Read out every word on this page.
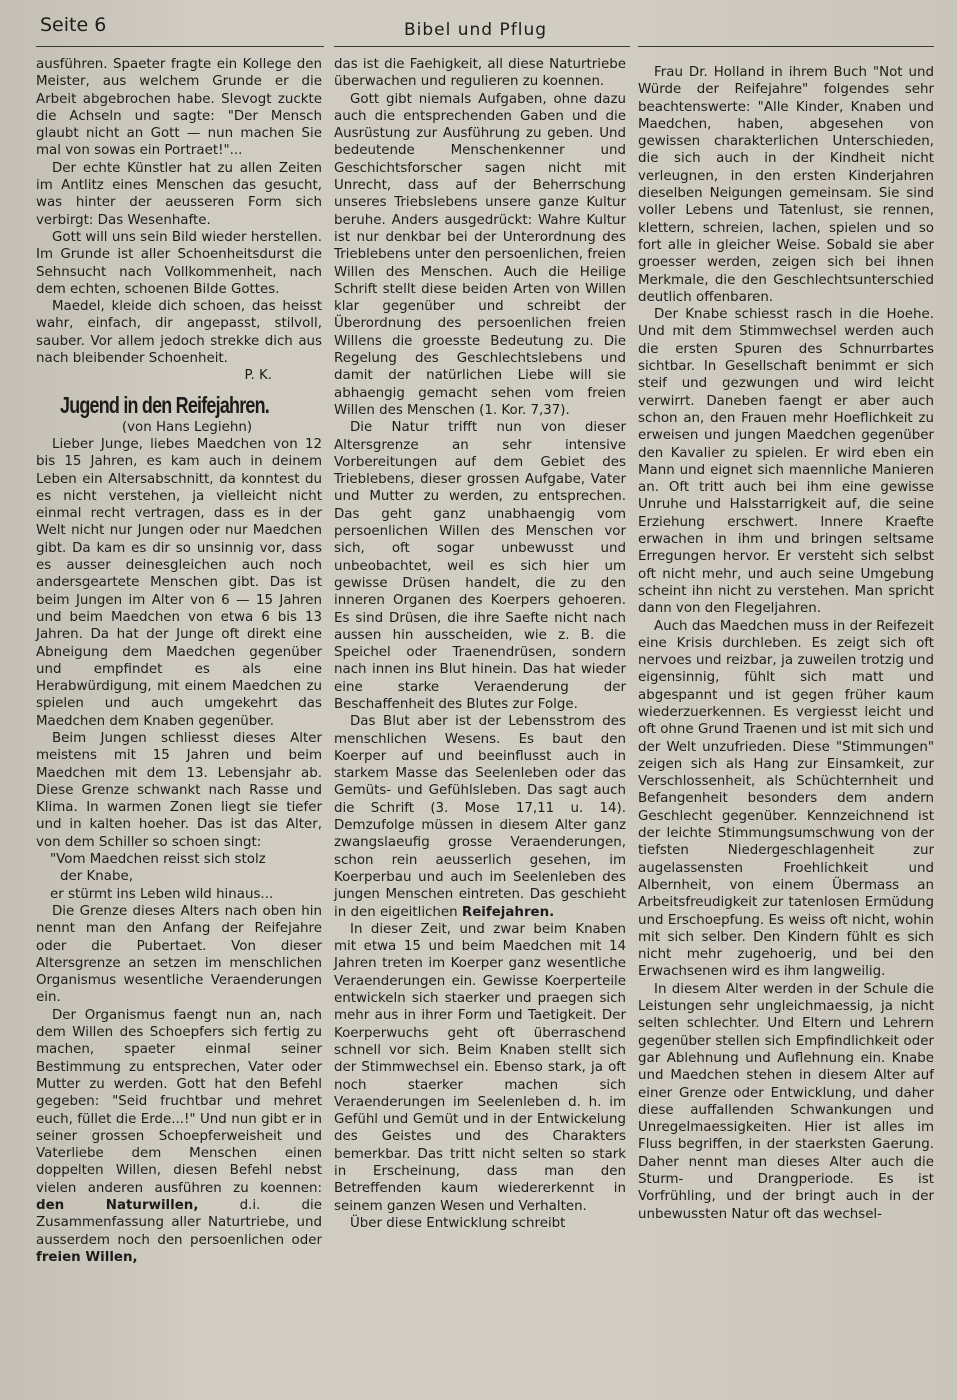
Seite 6	Bibel und Pflug

ausführen. Spaeter fragte ein Kollege den Meister, aus welchem Grunde er die Arbeit abgebrochen habe. Slevogt zuckte die Achseln und sagte: "Der Mensch glaubt nicht an Gott — nun machen Sie mal von sowas ein Portraet!"...

Der echte Künstler hat zu allen Zeiten im Antlitz eines Menschen das gesucht, was hinter der aeusseren Form sich verbirgt: Das Wesenhafte.

Gott will uns sein Bild wieder herstellen. Im Grunde ist aller Schoenheitsdurst die Sehnsucht nach Vollkommenheit, nach dem echten, schoenen Bilde Gottes.

Maedel, kleide dich schoen, das heisst wahr, einfach, dir angepasst, stilvoll, sauber. Vor allem jedoch strekke dich aus nach bleibender Schoenheit.

P. K.

Jugend in den Reifejahren.

(von Hans Legiehn)

Lieber Junge, liebes Maedchen von 12 bis 15 Jahren, es kam auch in deinem Leben ein Altersabschnitt, da konntest du es nicht verstehen, ja vielleicht nicht einmal recht vertragen, dass es in der Welt nicht nur Jungen oder nur Maedchen gibt. Da kam es dir so unsinnig vor, dass es ausser deinesgleichen auch noch andersgeartete Menschen gibt. Das ist beim Jungen im Alter von 6 — 15 Jahren und beim Maedchen von etwa 6 bis 13 Jahren. Da hat der Junge oft direkt eine Abneigung dem Maedchen gegenüber und empfindet es als eine Herabwürdigung, mit einem Maedchen zu spielen und auch umgekehrt das Maedchen dem Knaben gegenüber.

Beim Jungen schliesst dieses Alter meistens mit 15 Jahren und beim Maedchen mit dem 13. Lebensjahr ab. Diese Grenze schwankt nach Rasse und Klima. In warmen Zonen liegt sie tiefer und in kalten hoeher. Das ist das Alter, von dem Schiller so schoen singt:

"Vom Maedchen reisst sich stolz
der Knabe,
er stürmt ins Leben wild hinaus...

Die Grenze dieses Alters nach oben hin nennt man den Anfang der Reifejahre oder die Pubertaet. Von dieser Altersgrenze an setzen im menschlichen Organismus wesentliche Veraenderungen ein.

Der Organismus faengt nun an, nach dem Willen des Schoepfers sich fertig zu machen, spaeter einmal seiner Bestimmung zu entsprechen, Vater oder Mutter zu werden. Gott hat den Befehl gegeben: "Seid fruchtbar und mehret euch, füllet die Erde...!" Und nun gibt er in seiner grossen Schoepferweisheit und Vaterliebe dem Menschen einen doppelten Willen, diesen Befehl nebst vielen anderen ausführen zu koennen: den Naturwillen,	d.i. die Zusammenfassung aller Naturtriebe, und ausserdem noch den persoenlichen oder freien Willen,

das ist die Faehigkeit, all diese Naturtriebe überwachen und regulieren zu koennen.

Gott gibt niemals Aufgaben, ohne dazu auch die entsprechenden Gaben und die Ausrüstung zur Ausführung zu geben. Und bedeutende Menschenkenner und Geschichtsforscher sagen nicht mit Unrecht, dass auf der Beherrschung unseres Triebslebens unsere ganze Kultur beruhe. Anders ausgedrückt: Wahre Kultur ist nur denkbar bei der Unterordnung des Trieblebens unter den persoenlichen, freien Willen des Menschen. Auch die Heilige Schrift stellt diese beiden Arten von Willen klar gegenüber und schreibt der Überordnung des persoenlichen freien Willens die groesste Bedeutung zu. Die Regelung des Geschlechtslebens und damit der natürlichen Liebe will sie abhaengig gemacht sehen vom freien Willen des Menschen (1. Kor. 7,37).

Die Natur trifft nun von dieser Altersgrenze an sehr intensive Vorbereitungen auf dem Gebiet des Trieblebens, dieser grossen Aufgabe, Vater und Mutter zu werden, zu entsprechen. Das geht ganz unabhaengig vom persoenlichen Willen des Menschen vor sich, oft sogar unbewusst und unbeobachtet, weil es sich hier um gewisse Drüsen handelt, die zu den inneren Organen des Koerpers gehoeren. Es sind Drüsen, die ihre Saefte nicht nach aussen hin ausscheiden, wie z. B. die Speichel oder Traenendrüsen, sondern nach innen ins Blut hinein. Das hat wieder eine starke Veraenderung der Beschaffenheit des Blutes zur Folge.

Das Blut aber ist der Lebensstrom des menschlichen Wesens. Es baut den Koerper auf und beeinflusst auch in starkem Masse das Seelenleben oder das Gemüts- und Gefühlsleben. Das sagt auch die Schrift (3. Mose 17,11 u. 14). Demzufolge müssen in diesem Alter ganz zwangslaeufig grosse Veraenderungen, schon rein aeusserlich gesehen, im Koerperbau und auch im Seelenleben des jungen Menschen eintreten. Das geschieht in den eigeitlichen Reifejahren.

In dieser Zeit, und zwar beim Knaben mit etwa 15 und beim Maedchen mit 14 Jahren treten im Koerper ganz wesentliche Veraenderungen ein. Gewisse Koerperteile entwickeln sich staerker und praegen sich mehr aus in ihrer Form und Taetigkeit. Der Koerperwuchs geht oft überraschend schnell vor sich. Beim Knaben stellt sich der Stimmwechsel ein. Ebenso stark, ja oft noch staerker machen sich Veraenderungen im Seelenleben d. h. im Gefühl und Gemüt und in der Entwickelung des Geistes und des Charakters bemerkbar. Das tritt nicht selten so stark in Erscheinung, dass man den Betreffenden kaum wiedererkennt in seinem ganzen Wesen und Verhalten.

Über diese Entwicklung schreibt

Frau Dr. Holland in ihrem Buch "Not und Würde der Reifejahre" folgendes sehr beachtenswerte: "Alle Kinder, Knaben und Maedchen, haben, abgesehen von gewissen charakterlichen Unterschieden, die sich auch in der Kindheit nicht verleugnen, in den ersten Kinderjahren dieselben Neigungen gemeinsam. Sie sind voller Lebens und Tatenlust, sie rennen, klettern, schreien, lachen, spielen und so fort alle in gleicher Weise. Sobald sie aber groesser werden, zeigen sich bei ihnen Merkmale, die den Geschlechtsunterschied deutlich offenbaren.

Der Knabe schiesst rasch in die Hoehe. Und mit dem Stimmwechsel werden auch die ersten Spuren des Schnurrbartes sichtbar. In Gesellschaft benimmt er sich steif und gezwungen und wird leicht verwirrt. Daneben faengt er aber auch schon an, den Frauen mehr Hoeflichkeit zu erweisen und jungen Maedchen gegenüber den Kavalier zu spielen. Er wird eben ein Mann und eignet sich maennliche Manieren an. Oft tritt auch bei ihm eine gewisse Unruhe und Halsstarrigkeit auf, die seine Erziehung erschwert. Innere Kraefte erwachen in ihm und bringen seltsame Erregungen hervor. Er versteht sich selbst oft nicht mehr, und auch seine Umgebung scheint ihn nicht zu verstehen. Man spricht dann von den Flegeljahren.

Auch das Maedchen muss in der Reifezeit eine Krisis durchleben. Es zeigt sich oft nervoes und reizbar, ja zuweilen trotzig und eigensinnig, fühlt sich matt und abgespannt und ist gegen früher kaum wiederzuerkennen. Es vergiesst leicht und oft ohne Grund Traenen und ist mit sich und der Welt unzufrieden. Diese "Stimmungen" zeigen sich als Hang zur Einsamkeit, zur Verschlossenheit, als Schüchternheit und Befangenheit besonders dem andern Geschlecht gegenüber. Kennzeichnend ist der leichte Stimmungsumschwung von der tiefsten Niedergeschlagenheit zur augelassensten Froehlichkeit und Albernheit, von einem Übermass an Arbeitsfreudigkeit zur tatenlosen Ermüdung und Erschoepfung. Es weiss oft nicht, wohin mit sich selber. Den Kindern fühlt es sich nicht mehr zugehoerig, und bei den Erwachsenen wird es ihm langweilig.

In diesem Alter werden in der Schule die Leistungen sehr ungleichmaessig, ja nicht selten schlechter. Und Eltern und Lehrern gegenüber stellen sich Empfindlichkeit oder gar Ablehnung und Auflehnung ein. Knabe und Maedchen stehen in diesem Alter auf einer Grenze oder Entwicklung, und daher diese auffallenden Schwankungen und Unregelmaessigkeiten. Hier ist alles im Fluss begriffen, in der staerksten Gaerung. Daher nennt man dieses Alter auch die Sturm- und Drangperiode. Es ist Vorfrühling, und der bringt auch in der unbewussten Natur oft das wechsel-
